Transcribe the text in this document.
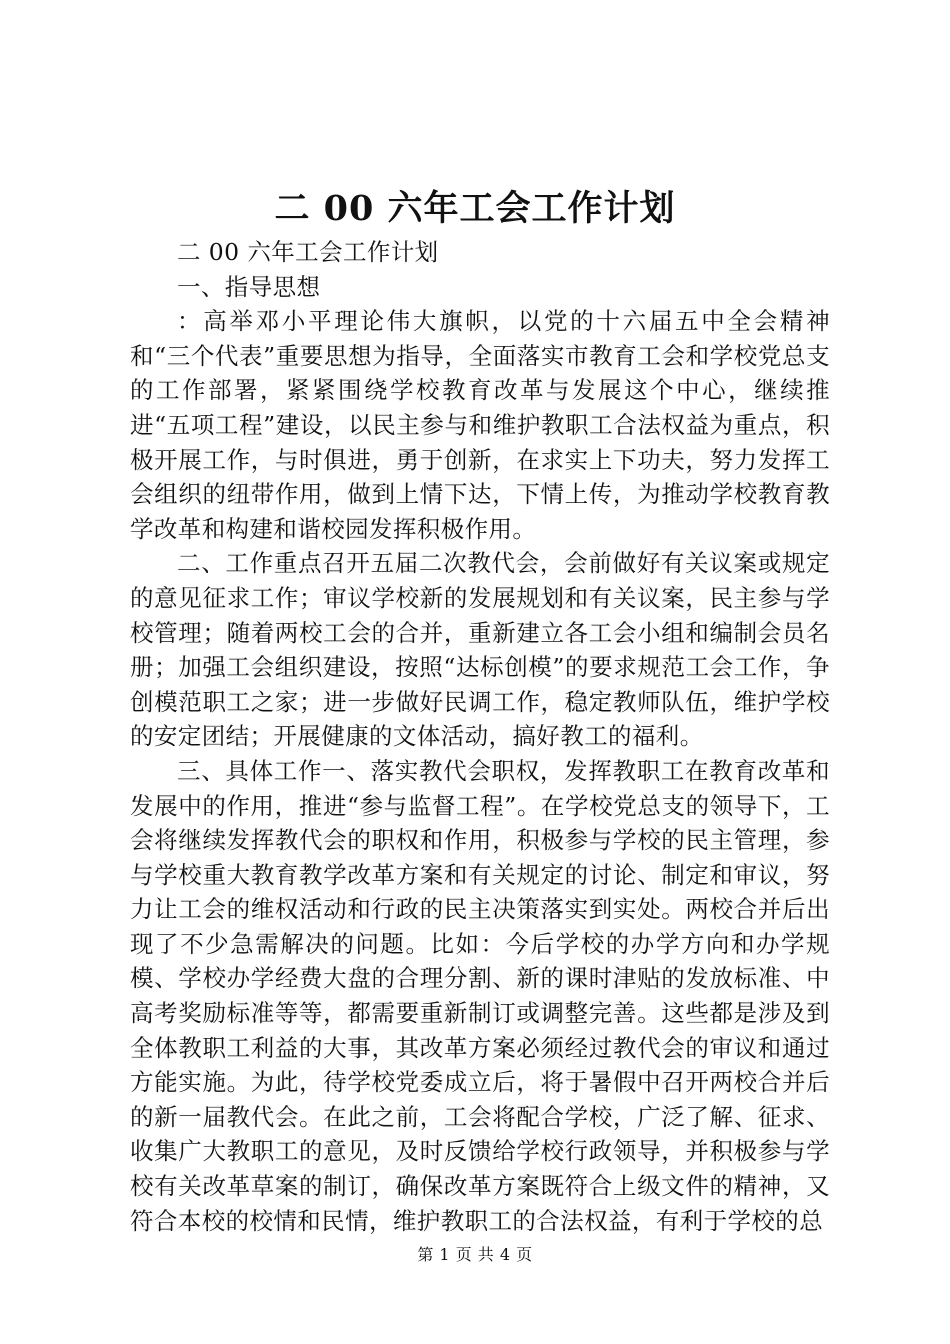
二 00 六年工会工作计划

二 00 六年工会工作计划

一、指导思想

：高举邓小平理论伟大旗帜，以党的十六届五中全会精神和“三个代表”重要思想为指导，全面落实市教育工会和学校党总支的工作部署，紧紧围绕学校教育改革与发展这个中心，继续推进“五项工程”建设，以民主参与和维护教职工合法权益为重点，积极开展工作，与时俱进，勇于创新，在求实上下功夫，努力发挥工会组织的纽带作用，做到上情下达，下情上传，为推动学校教育教学改革和构建和谐校园发挥积极作用。

二、工作重点召开五届二次教代会，会前做好有关议案或规定的意见征求工作；审议学校新的发展规划和有关议案，民主参与学校管理；随着两校工会的合并，重新建立各工会小组和编制会员名册；加强工会组织建设，按照“达标创模”的要求规范工会工作，争创模范职工之家；进一步做好民调工作，稳定教师队伍，维护学校的安定团结；开展健康的文体活动，搞好教工的福利。

三、具体工作一、落实教代会职权，发挥教职工在教育改革和发展中的作用，推进“参与监督工程”。在学校党总支的领导下，工会将继续发挥教代会的职权和作用，积极参与学校的民主管理，参与学校重大教育教学改革方案和有关规定的讨论、制定和审议，努力让工会的维权活动和行政的民主决策落实到实处。两校合并后出现了不少急需解决的问题。比如：今后学校的办学方向和办学规模、学校办学经费大盘的合理分割、新的课时津贴的发放标准、中高考奖励标准等等，都需要重新制订或调整完善。这些都是涉及到全体教职工利益的大事，其改革方案必须经过教代会的审议和通过方能实施。为此，待学校党委成立后，将于暑假中召开两校合并后的新一届教代会。在此之前，工会将配合学校，广泛了解、征求、收集广大教职工的意见，及时反馈给学校行政领导，并积极参与学校有关改革草案的制订，确保改革方案既符合上级文件的精神，又符合本校的校情和民情，维护教职工的合法权益，有利于学校的总

第 1 页 共 4 页
